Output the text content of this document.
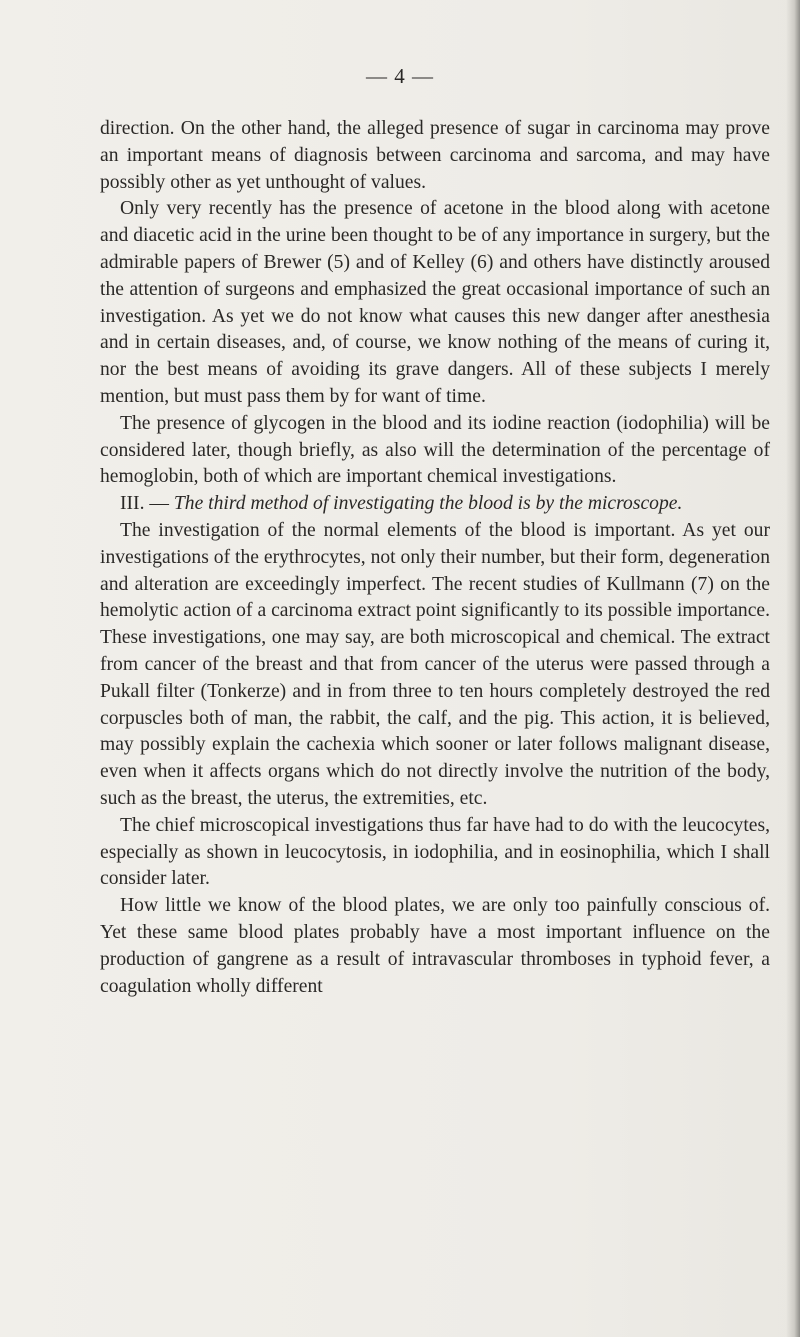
— 4 —

direction. On the other hand, the alleged presence of sugar in carcinoma may prove an important means of diagnosis between carcinoma and sarcoma, and may have possibly other as yet unthought of values.

Only very recently has the presence of acetone in the blood along with acetone and diacetic acid in the urine been thought to be of any importance in surgery, but the admirable papers of Brewer (5) and of Kelley (6) and others have distinctly aroused the attention of surgeons and emphasized the great occasional importance of such an investigation. As yet we do not know what causes this new danger after anesthesia and in certain diseases, and, of course, we know nothing of the means of curing it, nor the best means of avoiding its grave dangers. All of these subjects I merely mention, but must pass them by for want of time.

The presence of glycogen in the blood and its iodine reaction (iodophilia) will be considered later, though briefly, as also will the determination of the percentage of hemoglobin, both of which are important chemical investigations.

III. — The third method of investigating the blood is by the microscope.

The investigation of the normal elements of the blood is important. As yet our investigations of the erythrocytes, not only their number, but their form, degeneration and alteration are exceedingly imperfect. The recent studies of Kullmann (7) on the hemolytic action of a carcinoma extract point significantly to its possible importance. These investigations, one may say, are both microscopical and chemical. The extract from cancer of the breast and that from cancer of the uterus were passed through a Pukall filter (Tonkerze) and in from three to ten hours completely destroyed the red corpuscles both of man, the rabbit, the calf, and the pig. This action, it is believed, may possibly explain the cachexia which sooner or later follows malignant disease, even when it affects organs which do not directly involve the nutrition of the body, such as the breast, the uterus, the extremities, etc.

The chief microscopical investigations thus far have had to do with the leucocytes, especially as shown in leucocytosis, in iodophilia, and in eosinophilia, which I shall consider later.

How little we know of the blood plates, we are only too painfully conscious of. Yet these same blood plates probably have a most important influence on the production of gangrene as a result of intravascular thromboses in typhoid fever, a coagulation wholly different
